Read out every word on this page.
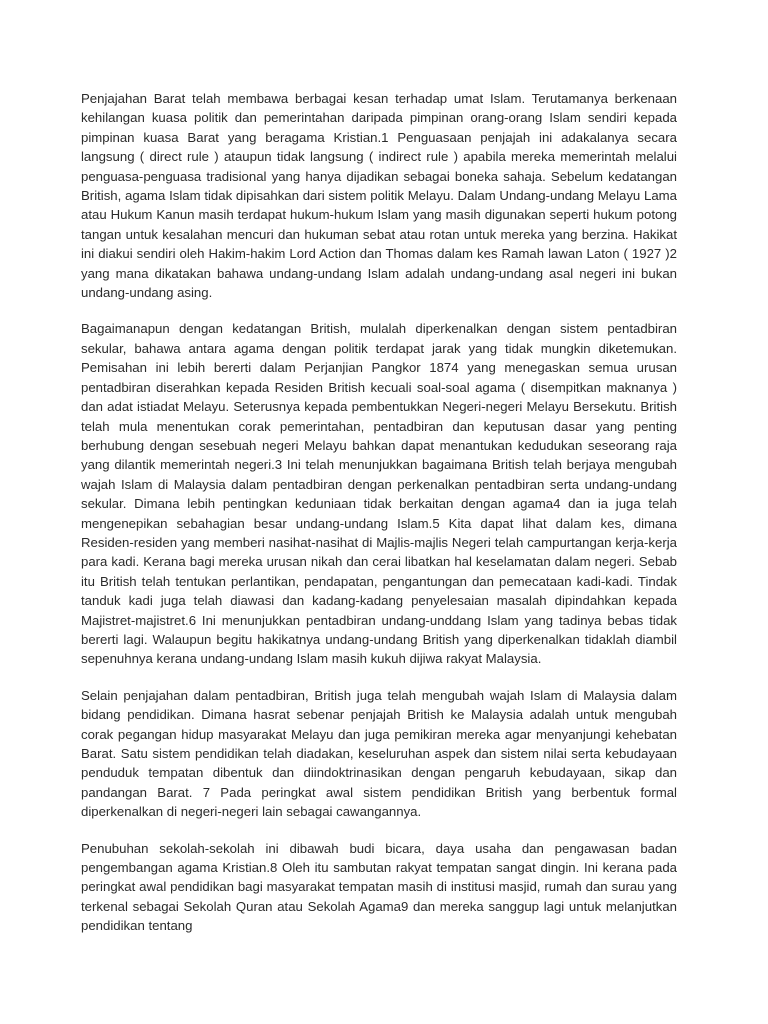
Penjajahan Barat telah membawa berbagai kesan terhadap umat Islam. Terutamanya berkenaan kehilangan kuasa politik dan pemerintahan daripada pimpinan orang-orang Islam sendiri kepada pimpinan kuasa Barat yang beragama Kristian.1 Penguasaan penjajah ini adakalanya secara langsung ( direct rule ) ataupun tidak langsung ( indirect rule ) apabila mereka memerintah melalui penguasa-penguasa tradisional yang hanya dijadikan sebagai boneka sahaja. Sebelum kedatangan British, agama Islam tidak dipisahkan dari sistem politik Melayu. Dalam Undang-undang Melayu Lama atau Hukum Kanun masih terdapat hukum-hukum Islam yang masih digunakan seperti hukum potong tangan untuk kesalahan mencuri dan hukuman sebat atau rotan untuk mereka yang berzina. Hakikat ini diakui sendiri oleh Hakim-hakim Lord Action dan Thomas dalam kes Ramah lawan Laton ( 1927 )2 yang mana dikatakan bahawa undang-undang Islam adalah undang-undang asal negeri ini bukan undang-undang asing.

Bagaimanapun dengan kedatangan British, mulalah diperkenalkan dengan sistem pentadbiran sekular, bahawa antara agama dengan politik terdapat jarak yang tidak mungkin diketemukan. Pemisahan ini lebih bererti dalam Perjanjian Pangkor 1874 yang menegaskan semua urusan pentadbiran diserahkan kepada Residen British kecuali soal-soal agama ( disempitkan maknanya ) dan adat istiadat Melayu. Seterusnya kepada pembentukkan Negeri-negeri Melayu Bersekutu. British telah mula menentukan corak pemerintahan, pentadbiran dan keputusan dasar yang penting berhubung dengan sesebuah negeri Melayu bahkan dapat menantukan kedudukan seseorang raja yang dilantik memerintah negeri.3 Ini telah menunjukkan bagaimana British telah berjaya mengubah wajah Islam di Malaysia dalam pentadbiran dengan perkenalkan pentadbiran serta undang-undang sekular. Dimana lebih pentingkan keduniaan tidak berkaitan dengan agama4 dan ia juga telah mengenepikan sebahagian besar undang-undang Islam.5 Kita dapat lihat dalam kes, dimana Residen-residen yang memberi nasihat-nasihat di Majlis-majlis Negeri telah campurtangan kerja-kerja para kadi. Kerana bagi mereka urusan nikah dan cerai libatkan hal keselamatan dalam negeri. Sebab itu British telah tentukan perlantikan, pendapatan, pengantungan dan pemecataan kadi-kadi. Tindak tanduk kadi juga telah diawasi dan kadang-kadang penyelesaian masalah dipindahkan kepada Majistret-majistret.6 Ini menunjukkan pentadbiran undang-unddang Islam yang tadinya bebas tidak bererti lagi. Walaupun begitu hakikatnya undang-undang British yang diperkenalkan tidaklah diambil sepenuhnya kerana undang-undang Islam masih kukuh dijiwa rakyat Malaysia.

Selain penjajahan dalam pentadbiran, British juga telah mengubah wajah Islam di Malaysia dalam bidang pendidikan. Dimana hasrat sebenar penjajah British ke Malaysia adalah untuk mengubah corak pegangan hidup masyarakat Melayu dan juga pemikiran mereka agar menyanjungi kehebatan Barat. Satu sistem pendidikan telah diadakan, keseluruhan aspek dan sistem nilai serta kebudayaan penduduk tempatan dibentuk dan diindoktrinasikan dengan pengaruh kebudayaan, sikap dan pandangan Barat. 7 Pada peringkat awal sistem pendidikan British yang berbentuk formal diperkenalkan di negeri-negeri lain sebagai cawangannya.

Penubuhan sekolah-sekolah ini dibawah budi bicara, daya usaha dan pengawasan badan pengembangan agama Kristian.8 Oleh itu sambutan rakyat tempatan sangat dingin. Ini kerana pada peringkat awal pendidikan bagi masyarakat tempatan masih di institusi masjid, rumah dan surau yang terkenal sebagai Sekolah Quran atau Sekolah Agama9 dan mereka sanggup lagi untuk melanjutkan pendidikan tentang
